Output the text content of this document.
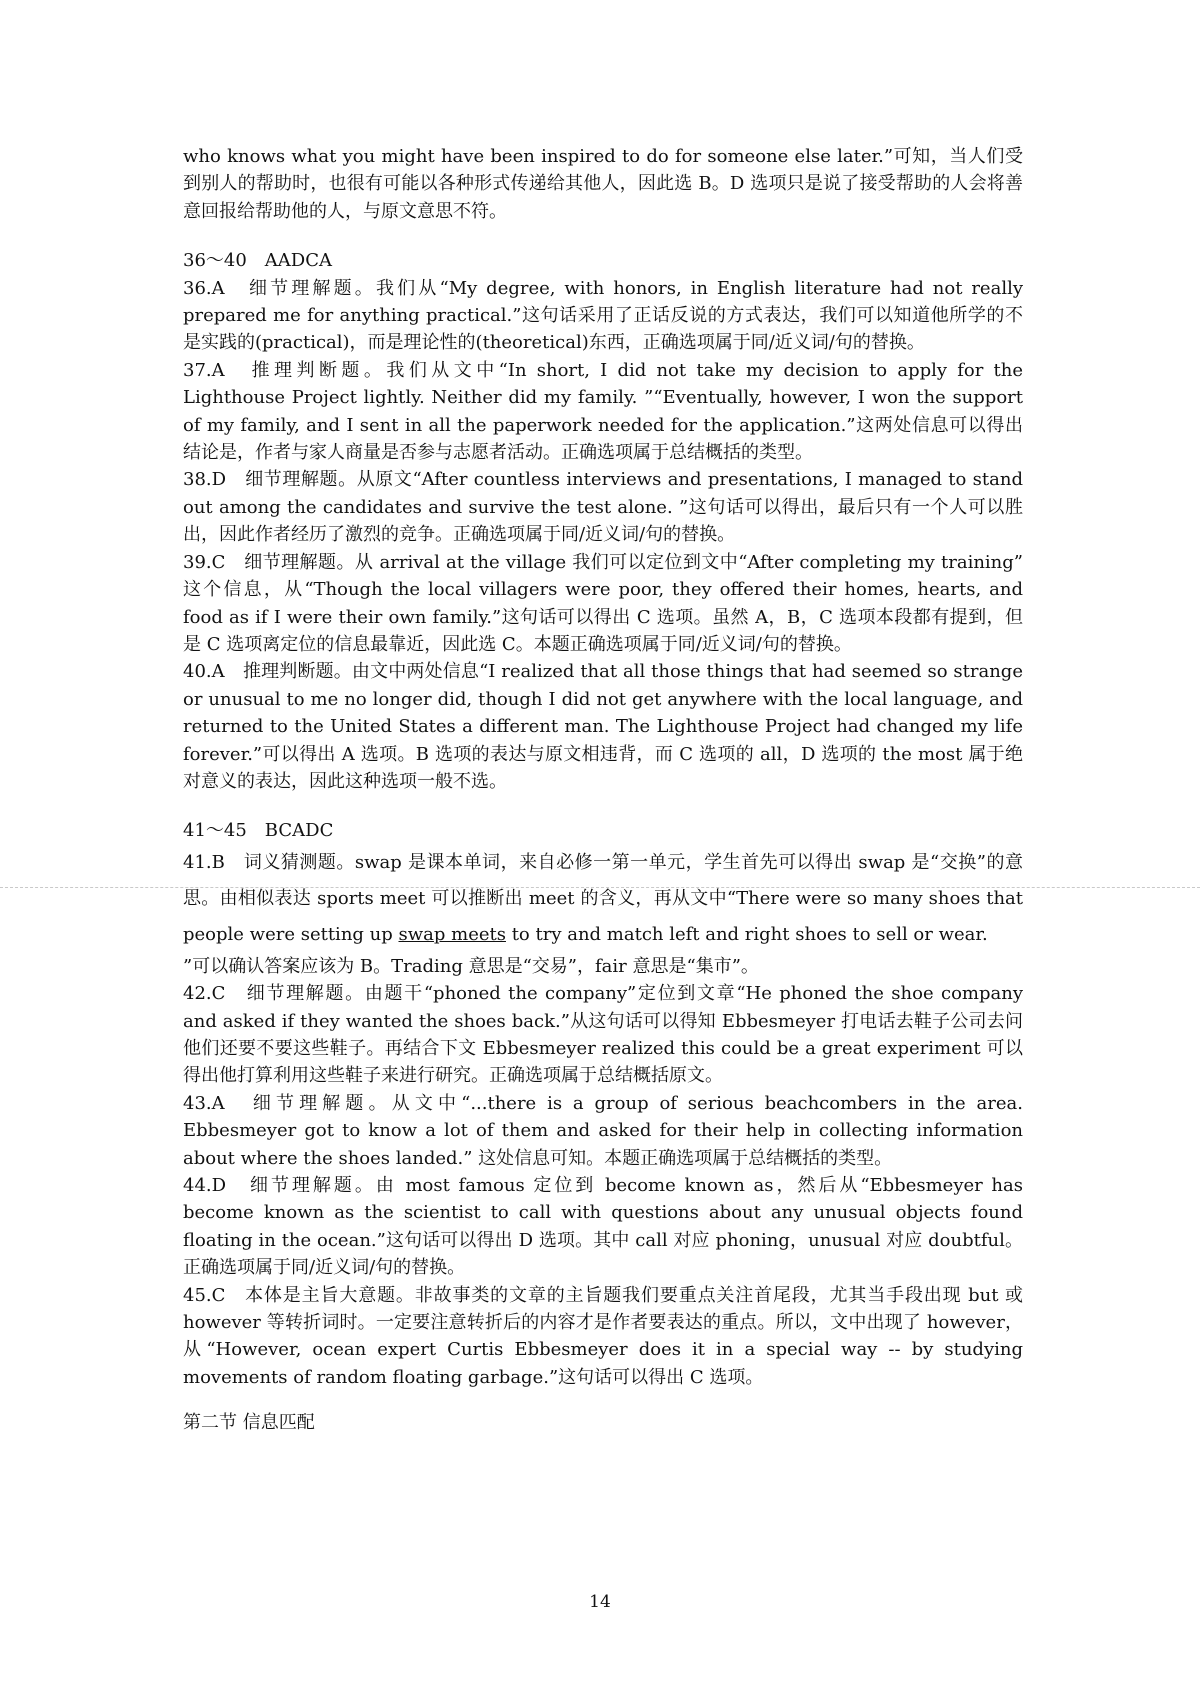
who knows what you might have been inspired to do for someone else later.”可知，当人们受到别人的帮助时，也很有可能以各种形式传递给其他人，因此选 B。D 选项只是说了接受帮助的人会将善意回报给帮助他的人，与原文意思不符。

36～40　AADCA

36.A　细节理解题。我们从“My degree, with honors, in English literature had not really prepared me for anything practical.”这句话采用了正话反说的方式表达，我们可以知道他所学的不是实践的(practical)，而是理论性的(theoretical)东西，正确选项属于同/近义词/句的替换。

37.A　推理判断题。我们从文中“In short, I did not take my decision to apply for the Lighthouse Project lightly. Neither did my family. ”“Eventually, however, I won the support of my family, and I sent in all the paperwork needed for the application.”这两处信息可以得出结论是，作者与家人商量是否参与志愿者活动。正确选项属于总结概括的类型。

38.D　细节理解题。从原文“After countless interviews and presentations, I managed to stand out among the candidates and survive the test alone. ”这句话可以得出，最后只有一个人可以胜出，因此作者经历了激烈的竞争。正确选项属于同/近义词/句的替换。

39.C　细节理解题。从 arrival at the village 我们可以定位到文中“After completing my training” 这个信息，从“Though the local villagers were poor, they offered their homes, hearts, and food as if I were their own family.”这句话可以得出 C 选项。虽然 A，B，C 选项本段都有提到，但是 C 选项离定位的信息最靠近，因此选 C。本题正确选项属于同/近义词/句的替换。

40.A　推理判断题。由文中两处信息“I realized that all those things that had seemed so strange or unusual to me no longer did, though I did not get anywhere with the local language, and returned to the United States a different man. The Lighthouse Project had changed my life forever.”可以得出 A 选项。B 选项的表达与原文相违背，而 C 选项的 all，D 选项的 the most 属于绝对意义的表达，因此这种选项一般不选。

41～45　BCADC

41.B　词义猜测题。swap 是课本单词，来自必修一第一单元，学生首先可以得出 swap 是“交换”的意思。由相似表达 sports meet 可以推断出 meet 的含义，再从文中“There were so many shoes that people were setting up swap meets to try and match left and right shoes to sell or wear.

”可以确认答案应该为 B。Trading 意思是“交易”，fair 意思是“集市”。

42.C　细节理解题。由题干“phoned the company”定位到文章“He phoned the shoe company and asked if they wanted the shoes back.”从这句话可以得知 Ebbesmeyer 打电话去鞋子公司去问他们还要不要这些鞋子。再结合下文 Ebbesmeyer realized this could be a great experiment 可以得出他打算利用这些鞋子来进行研究。正确选项属于总结概括原文。

43.A　细节理解题。从文中“...there is a group of serious beachcombers in the area. Ebbesmeyer got to know a lot of them and asked for their help in collecting information about where the shoes landed.” 这处信息可知。本题正确选项属于总结概括的类型。

44.D　细节理解题。由 most famous 定位到 become known as，然后从“Ebbesmeyer has become known as the scientist to call with questions about any unusual objects found floating in the ocean.”这句话可以得出 D 选项。其中 call 对应 phoning，unusual 对应 doubtful。正确选项属于同/近义词/句的替换。

45.C　本体是主旨大意题。非故事类的文章的主旨题我们要重点关注首尾段，尤其当手段出现 but 或 however 等转折词时。一定要注意转折后的内容才是作者要表达的重点。所以，文中出现了 however，从“However, ocean expert Curtis Ebbesmeyer does it in a special way -- by studying movements of random floating garbage.”这句话可以得出 C 选项。

第二节 信息匹配

14
